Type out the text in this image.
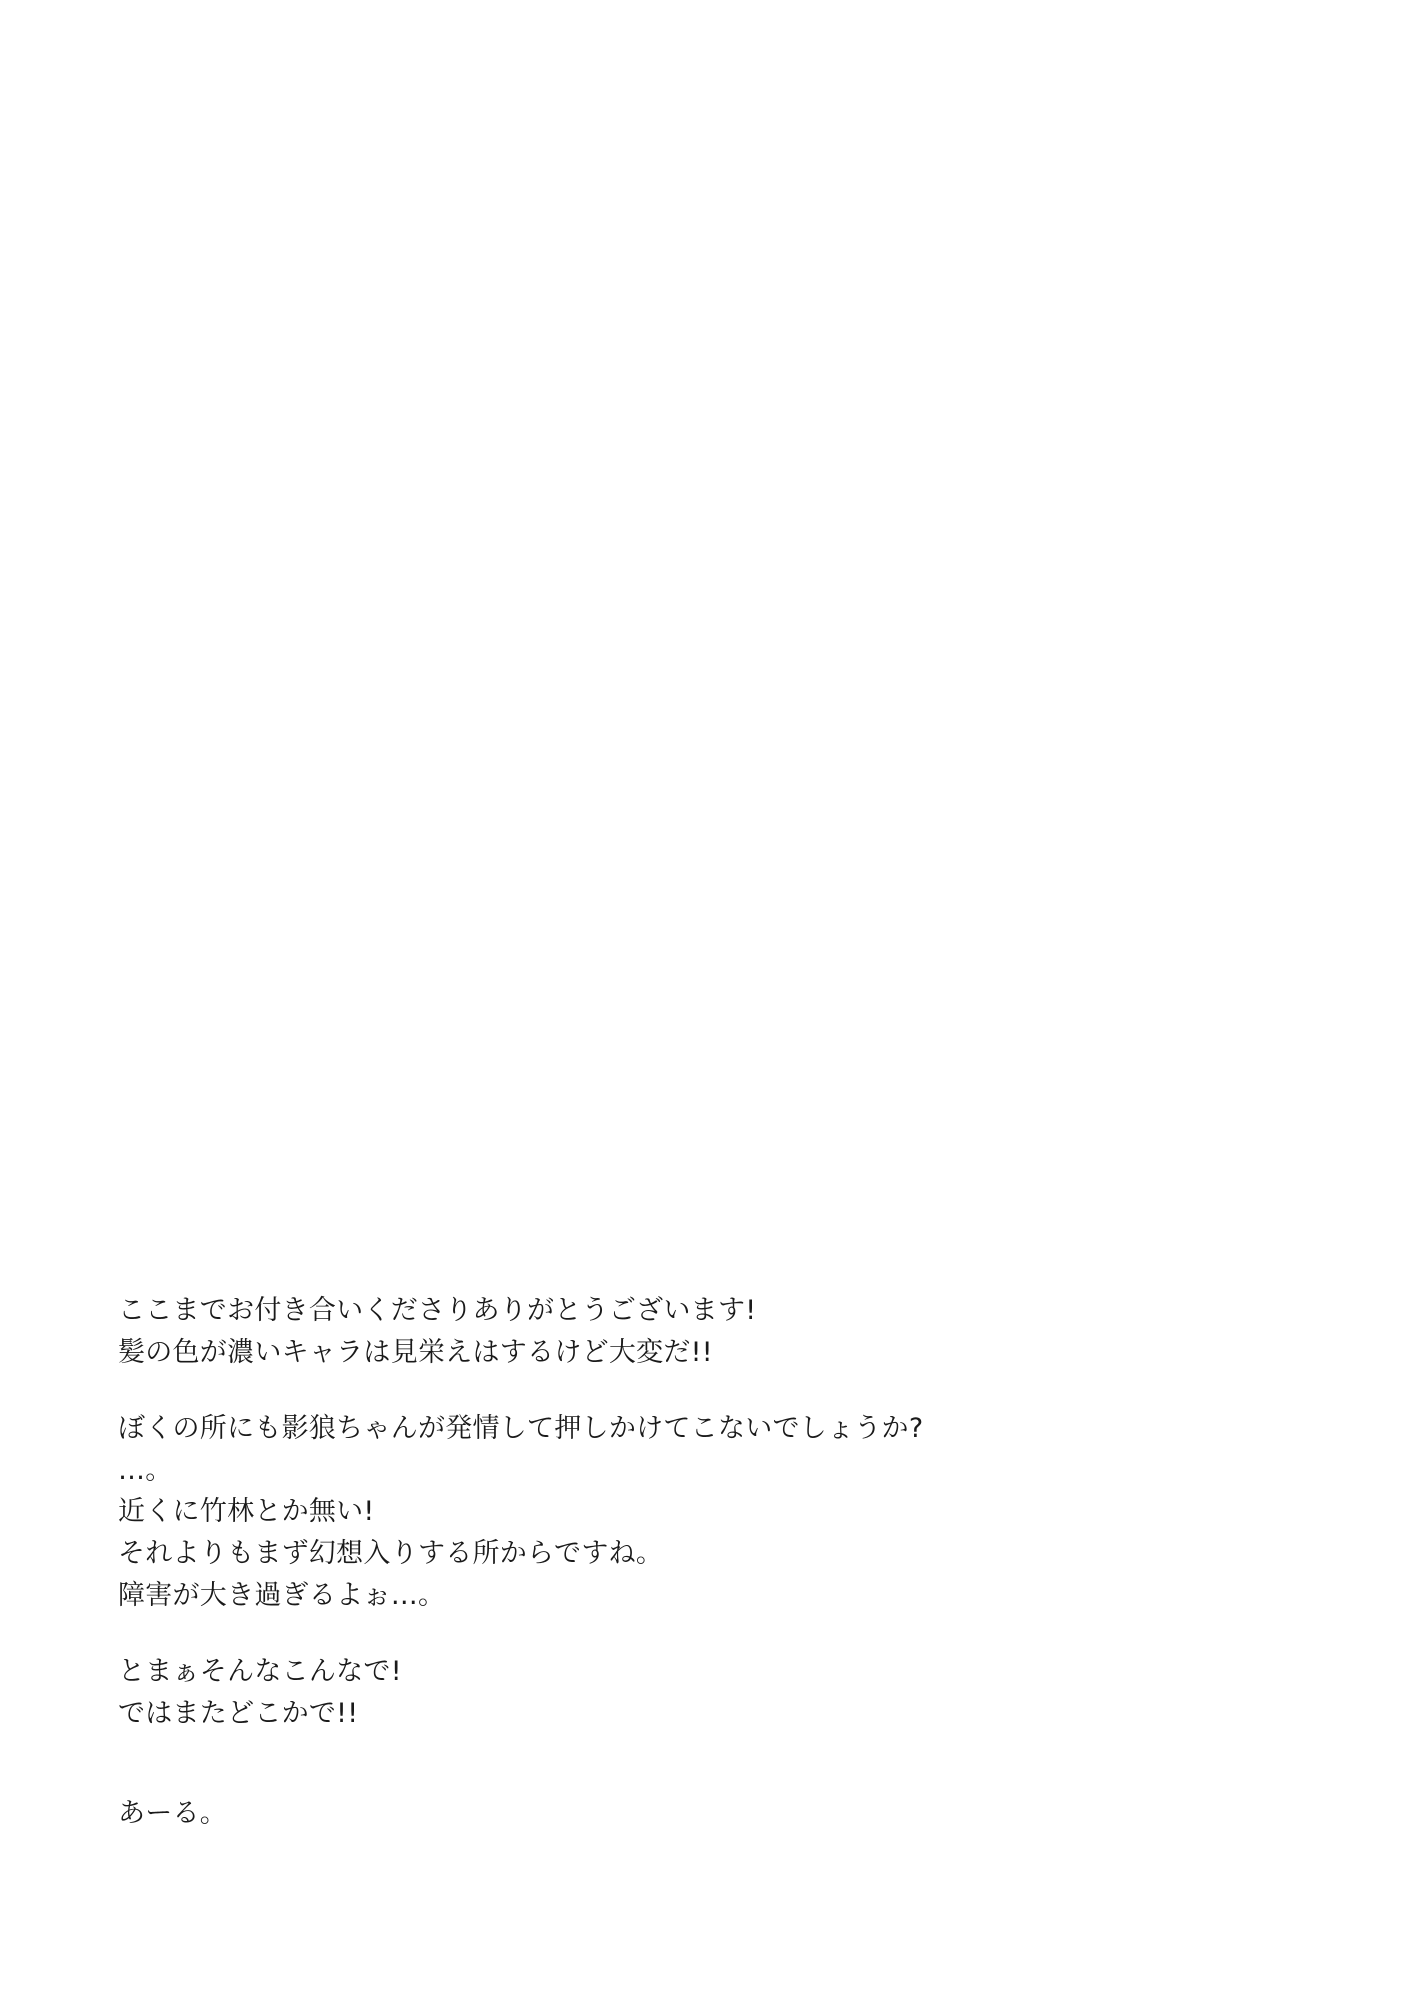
ここまでお付き合いくださりありがとうございます!
髪の色が濃いキャラは見栄えはするけど大変だ!!
ぼくの所にも影狼ちゃんが発情して押しかけてこないでしょうか?
…。
近くに竹林とか無い!
それよりもまず幻想入りする所からですね。
障害が大き過ぎるよぉ…。
とまぁそんなこんなで!
ではまたどこかで!!
あーる。
